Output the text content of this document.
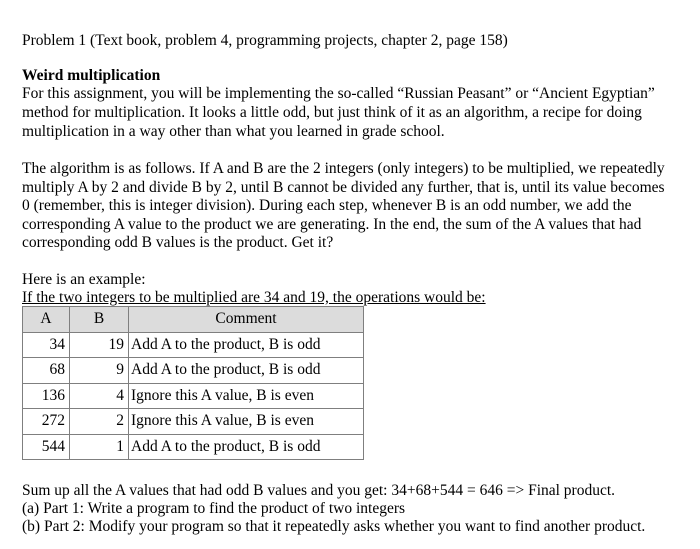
Problem 1 (Text book, problem 4, programming projects, chapter 2, page 158)
Weird multiplication
For this assignment, you will be implementing the so-called “Russian Peasant” or “Ancient Egyptian”
method for multiplication. It looks a little odd, but just think of it as an algorithm, a recipe for doing
multiplication in a way other than what you learned in grade school.
The algorithm is as follows. If A and B are the 2 integers (only integers) to be multiplied, we repeatedly
multiply A by 2 and divide B by 2, until B cannot be divided any further, that is, until its value becomes
0 (remember, this is integer division). During each step, whenever B is an odd number, we add the
corresponding A value to the product we are generating. In the end, the sum of the A values that had
corresponding odd B values is the product. Get it?
Here is an example:
If the two integers to be multiplied are 34 and 19, the operations would be:
A	B	Comment
34	19	Add A to the product, B is odd
68	9	Add A to the product, B is odd
136	4	Ignore this A value, B is even
272	2	Ignore this A value, B is even
544	1	Add A to the product, B is odd
Sum up all the A values that had odd B values and you get: 34+68+544 = 646 => Final product.
(a) Part 1: Write a program to find the product of two integers
(b) Part 2: Modify your program so that it repeatedly asks whether you want to find another product.
